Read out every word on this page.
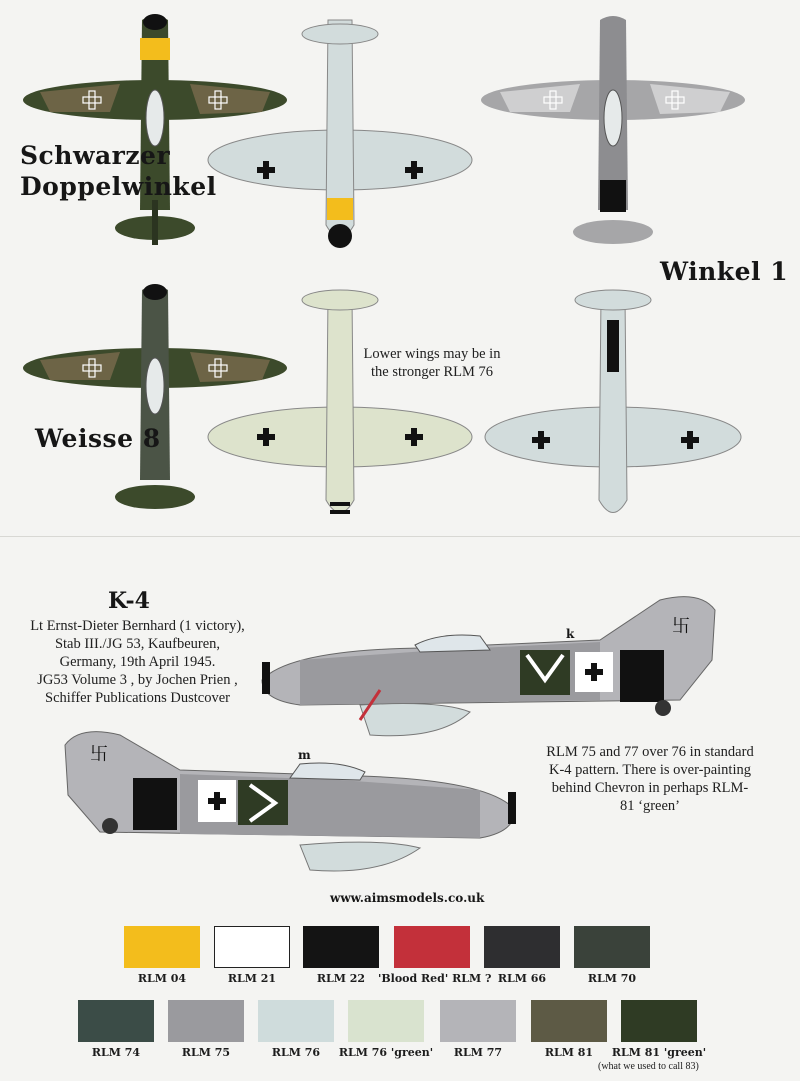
卐
卐
Schwarzer
Doppelwinkel
Winkel 1
Weisse 8
Lower wings may be in
the stronger RLM 76
K-4
Lt Ernst-Dieter Bernhard (1 victory),
Stab III./JG 53, Kaufbeuren,
Germany, 19th April 1945.
JG53 Volume 3 , by Jochen Prien ,
Schiffer Publications Dustcover
RLM 75 and 77 over 76 in standard
K-4 pattern. There is over-painting
behind Chevron in perhaps RLM-
81 ‘green’
k
m
www.aimsmodels.co.uk
RLM 04	RLM 21	RLM 22	'Blood Red' RLM ? RLM 66	RLM 70
RLM 74	RLM 75	RLM 76	RLM 76 'green'	RLM 77	RLM 81	RLM 81 'green'
(what we used to call 83)
